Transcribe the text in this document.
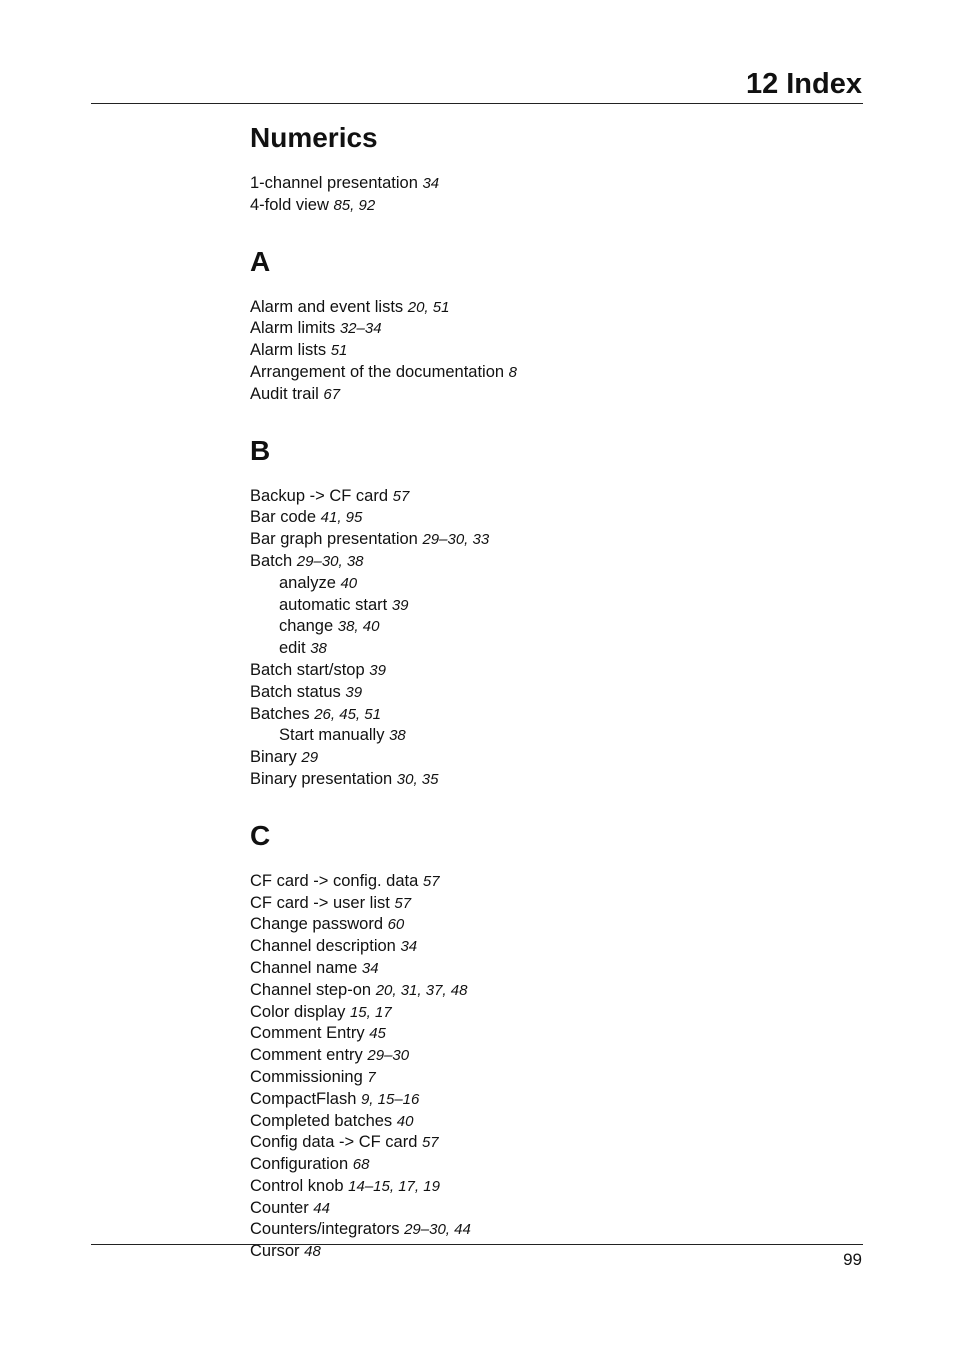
12 Index
Numerics
1-channel presentation 34
4-fold view 85, 92
A
Alarm and event lists 20, 51
Alarm limits 32–34
Alarm lists 51
Arrangement of the documentation 8
Audit trail 67
B
Backup -> CF card 57
Bar code 41, 95
Bar graph presentation 29–30, 33
Batch 29–30, 38
analyze 40
automatic start 39
change 38, 40
edit 38
Batch start/stop 39
Batch status 39
Batches 26, 45, 51
Start manually 38
Binary 29
Binary presentation 30, 35
C
CF card -> config. data 57
CF card -> user list 57
Change password 60
Channel description 34
Channel name 34
Channel step-on 20, 31, 37, 48
Color display 15, 17
Comment Entry 45
Comment entry 29–30
Commissioning 7
CompactFlash 9, 15–16
Completed batches 40
Config data -> CF card 57
Configuration 68
Control knob 14–15, 17, 19
Counter 44
Counters/integrators 29–30, 44
Cursor 48	99
